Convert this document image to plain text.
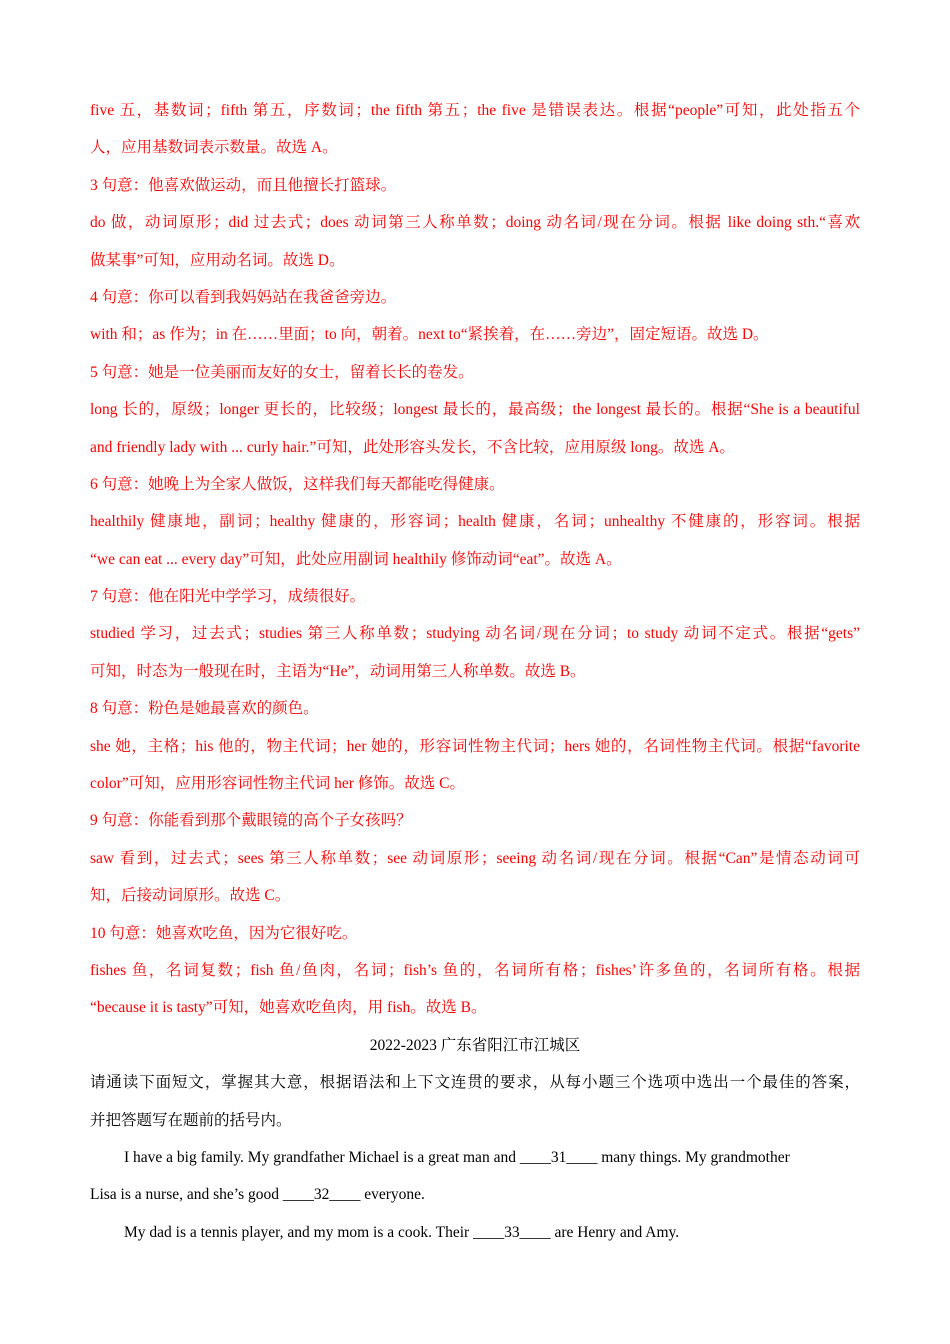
five 五，基数词；fifth 第五，序数词；the fifth 第五；the five 是错误表达。根据“people”可知，此处指五个
人，应用基数词表示数量。故选 A。
3 句意：他喜欢做运动，而且他擅长打篮球。
do 做，动词原形；did 过去式；does 动词第三人称单数；doing 动名词/现在分词。根据 like doing sth.“喜欢
做某事”可知，应用动名词。故选 D。
4 句意：你可以看到我妈妈站在我爸爸旁边。
with 和；as 作为；in 在……里面；to 向，朝着。next to“紧挨着，在……旁边”，固定短语。故选 D。
5 句意：她是一位美丽而友好的女士，留着长长的卷发。
long 长的，原级；longer 更长的，比较级；longest 最长的，最高级；the longest 最长的。根据“She is a beautiful
and friendly lady with ... curly hair.”可知，此处形容头发长，不含比较，应用原级 long。故选 A。
6 句意：她晚上为全家人做饭，这样我们每天都能吃得健康。
healthily 健康地，副词；healthy 健康的，形容词；health 健康，名词；unhealthy 不健康的，形容词。根据
“we can eat ... every day”可知，此处应用副词 healthily 修饰动词“eat”。故选 A。
7 句意：他在阳光中学学习，成绩很好。
studied 学习，过去式；studies 第三人称单数；studying 动名词/现在分词；to study 动词不定式。根据“gets”
可知，时态为一般现在时，主语为“He”，动词用第三人称单数。故选 B。
8 句意：粉色是她最喜欢的颜色。
she 她，主格；his 他的，物主代词；her 她的，形容词性物主代词；hers 她的，名词性物主代词。根据“favorite
color”可知，应用形容词性物主代词 her 修饰。故选 C。
9 句意：你能看到那个戴眼镜的高个子女孩吗？
saw 看到，过去式；sees 第三人称单数；see 动词原形；seeing 动名词/现在分词。根据“Can”是情态动词可
知，后接动词原形。故选 C。
10 句意：她喜欢吃鱼，因为它很好吃。
fishes 鱼，名词复数；fish 鱼/鱼肉，名词；fish’s 鱼的，名词所有格；fishes’许多鱼的，名词所有格。根据
“because it is tasty”可知，她喜欢吃鱼肉，用 fish。故选 B。
2022-2023 广东省阳江市江城区
请通读下面短文，掌握其大意，根据语法和上下文连贯的要求，从每小题三个选项中选出一个最佳的答案，
并把答题写在题前的括号内。
I have a big family. My grandfather Michael is a great man and ____31____ many things. My grandmother
Lisa is a nurse, and she’s good ____32____ everyone.
My dad is a tennis player, and my mom is a cook. Their ____33____ are Henry and Amy.
